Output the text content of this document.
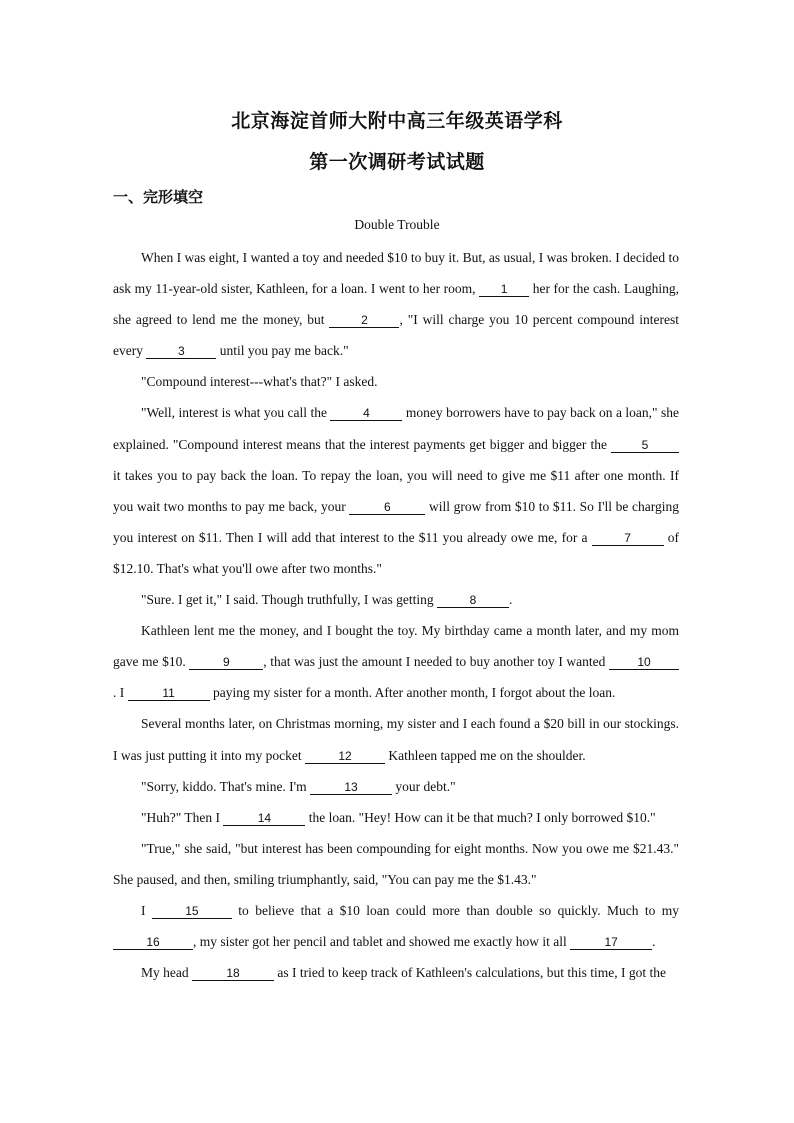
北京海淀首师大附中高三年级英语学科
第一次调研考试试题
一、完形填空
Double Trouble

When I was eight, I wanted a toy and needed $10 to buy it. But, as usual, I was broken. I decided to ask my 11-year-old sister, Kathleen, for a loan. I went to her room, 1 her for the cash. Laughing, she agreed to lend me the money, but	2 , "I will charge you 10 percent compound interest every	3 until you pay me back."

"Compound interest---what's that?" I asked.

"Well, interest is what you call the	4 money borrowers have to pay back on a loan," she explained. "Compound interest means that the interest payments get bigger and bigger the	5 it takes you to pay back the loan. To repay the loan, you will need to give me $11 after one month. If you wait two months to pay me back, your	6	will grow from $10 to $11. So I'll be charging you interest on $11. Then I will add that interest to the $11 you already owe me, for a	7 of $12.10. That's what you'll owe after two months."

"Sure. I get it," I said. Though truthfully, I was getting	8 .

Kathleen lent me the money, and I bought the toy. My birthday came a month later, and my mom gave me $10.	9 , that was just the amount I needed to buy another toy I wanted 10. I	11	paying my sister for a month. After another month, I forgot about the loan.

Several months later, on Christmas morning, my sister and I each found a $20 bill in our stockings. I was just putting it into my pocket	12 Kathleen tapped me on the shoulder.

"Sorry, kiddo. That's mine. I'm	13	your debt."

"Huh?" Then I	14	the loan. "Hey! How can it be that much? I only borrowed $10."

"True," she said, "but interest has been compounding for eight months. Now you owe me $21.43." She paused, and then, smiling triumphantly, said, "You can pay me the $1.43."

I	15 to believe that a $10 loan could more than double so quickly. Much to my 16 , my sister got her pencil and tablet and showed me exactly how it all	17	.

My head	18	as I tried to keep track of Kathleen's calculations, but this time, I got the
